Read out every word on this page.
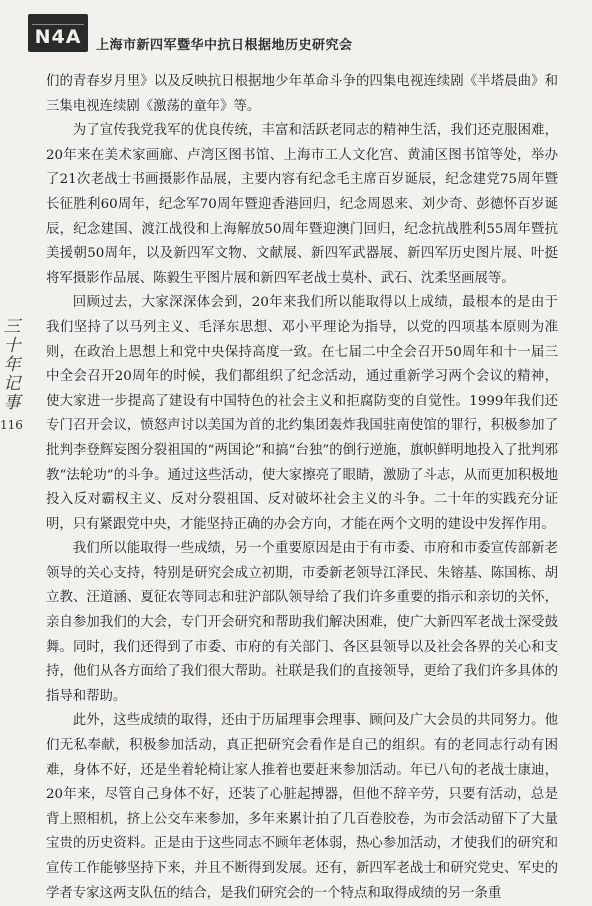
N4A	上海市新四军暨华中抗日根据地历史研究会
三十年记事
116

们的青春岁月里》以及反映抗日根据地少年革命斗争的四集电视连续剧《半塔晨曲》和三集电视连续剧《激荡的童年》等。

为了宣传我党我军的优良传统，丰富和活跃老同志的精神生活，我们还克服困难，20年来在美术家画廊、卢湾区图书馆、上海市工人文化宫、黄浦区图书馆等处，举办了21次老战士书画摄影作品展，主要内容有纪念毛主席百岁诞辰，纪念建党75周年暨长征胜利60周年，纪念军70周年暨迎香港回归，纪念周恩来、刘少奇、彭德怀百岁诞辰，纪念建国、渡江战役和上海解放50周年暨迎澳门回归，纪念抗战胜利55周年暨抗美援朝50周年，以及新四军文物、文献展、新四军武器展、新四军历史图片展、叶挺将军摄影作品展、陈毅生平图片展和新四军老战士莫朴、武石、沈柔坚画展等。

回顾过去，大家深深体会到，20年来我们所以能取得以上成绩，最根本的是由于我们坚持了以马列主义、毛泽东思想、邓小平理论为指导，以党的四项基本原则为准则，在政治上思想上和党中央保持高度一致。在七届二中全会召开50周年和十一届三中全会召开20周年的时候，我们都组织了纪念活动，通过重新学习两个会议的精神，使大家进一步提高了建设有中国特色的社会主义和拒腐防变的自觉性。1999年我们还专门召开会议，愤怒声讨以美国为首的北约集团轰炸我国驻南使馆的罪行，积极参加了批判李登辉妄图分裂祖国的“两国论”和搞“台独”的倒行逆施，旗帜鲜明地投入了批判邪教“法轮功”的斗争。通过这些活动，使大家擦亮了眼睛，激励了斗志，从而更加积极地投入反对霸权主义、反对分裂祖国、反对破坏社会主义的斗争。二十年的实践充分证明，只有紧跟党中央，才能坚持正确的办会方向，才能在两个文明的建设中发挥作用。

我们所以能取得一些成绩，另一个重要原因是由于有市委、市府和市委宣传部新老领导的关心支持，特别是研究会成立初期，市委新老领导江泽民、朱镕基、陈国栋、胡立教、汪道涵、夏征农等同志和驻沪部队领导给了我们许多重要的指示和亲切的关怀，亲自参加我们的大会，专门开会研究和帮助我们解决困难，使广大新四军老战士深受鼓舞。同时，我们还得到了市委、市府的有关部门、各区县领导以及社会各界的关心和支持，他们从各方面给了我们很大帮助。社联是我们的直接领导，更给了我们许多具体的指导和帮助。

此外，这些成绩的取得，还由于历届理事会理事、顾问及广大会员的共同努力。他们无私奉献，积极参加活动，真正把研究会看作是自己的组织。有的老同志行动有困难，身体不好，还是坐着轮椅让家人推着也要赶来参加活动。年已八旬的老战士康迪，20年来，尽管自己身体不好，还装了心脏起搏器，但他不辞辛劳，只要有活动，总是背上照相机，挤上公交车来参加，多年来累计拍了几百卷胶卷，为市会活动留下了大量宝贵的历史资料。正是由于这些同志不顾年老体弱，热心参加活动，才使我们的研究和宣传工作能够坚持下来，并且不断得到发展。还有，新四军老战士和研究党史、军史的学者专家这两支队伍的结合，是我们研究会的一个特点和取得成绩的另一条重
